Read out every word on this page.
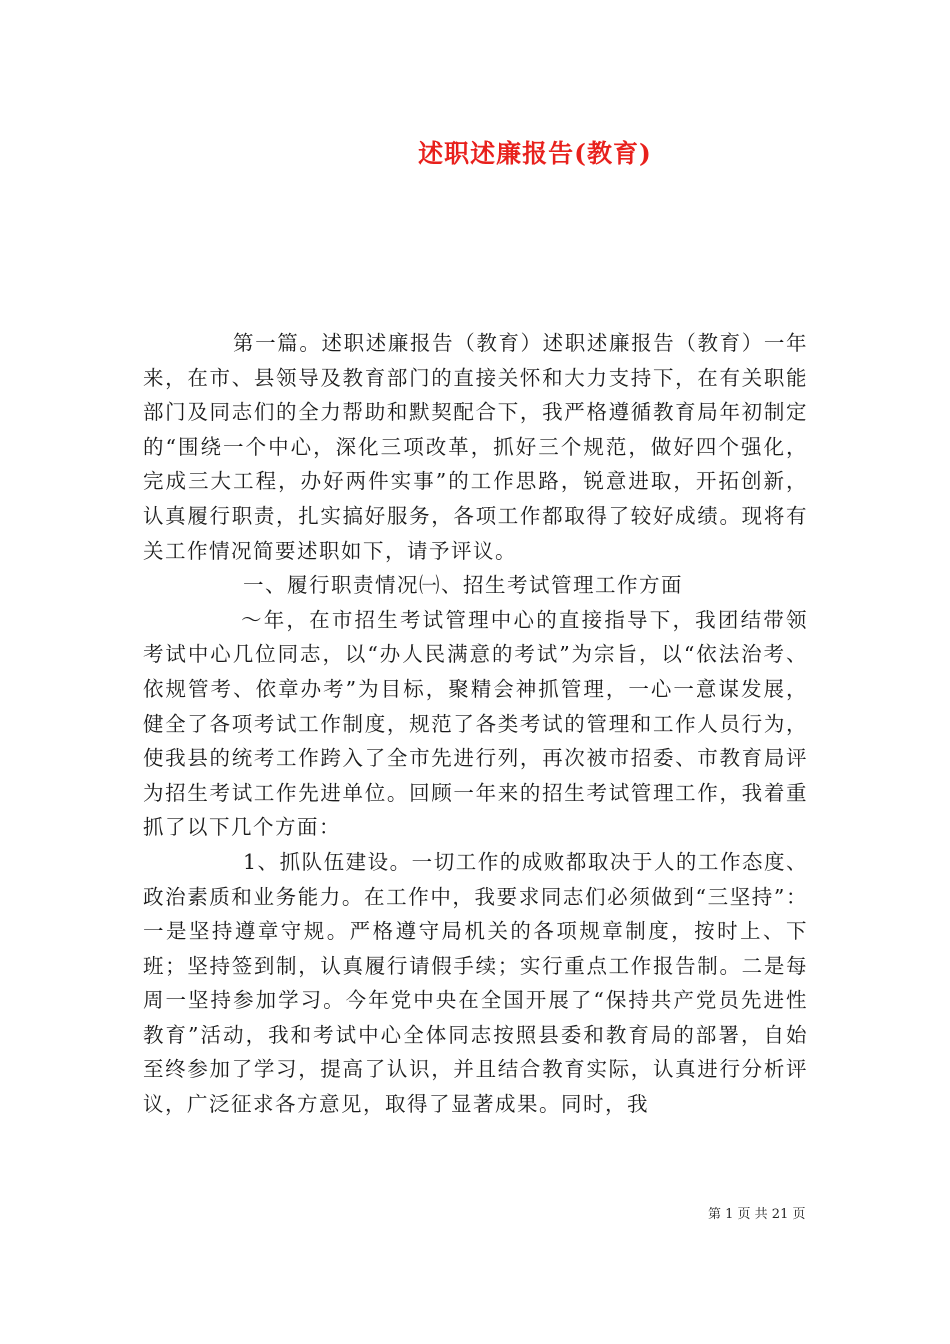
述职述廉报告(教育)

第一篇。述职述廉报告（教育）述职述廉报告（教育）一年来，在市、县领导及教育部门的直接关怀和大力支持下，在有关职能部门及同志们的全力帮助和默契配合下，我严格遵循教育局年初制定的“围绕一个中心，深化三项改革，抓好三个规范，做好四个强化，完成三大工程，办好两件实事”的工作思路，锐意进取，开拓创新，认真履行职责，扎实搞好服务，各项工作都取得了较好成绩。现将有关工作情况简要述职如下，请予评议。

一、履行职责情况㈠、招生考试管理工作方面

～年，在市招生考试管理中心的直接指导下，我团结带领考试中心几位同志，以“办人民满意的考试”为宗旨，以“依法治考、依规管考、依章办考”为目标，聚精会神抓管理，一心一意谋发展，健全了各项考试工作制度，规范了各类考试的管理和工作人员行为，使我县的统考工作跨入了全市先进行列，再次被市招委、市教育局评为招生考试工作先进单位。回顾一年来的招生考试管理工作，我着重抓了以下几个方面：

1、抓队伍建设。一切工作的成败都取决于人的工作态度、政治素质和业务能力。在工作中，我要求同志们必须做到“三坚持”：一是坚持遵章守规。严格遵守局机关的各项规章制度，按时上、下班；坚持签到制，认真履行请假手续；实行重点工作报告制。二是每周一坚持参加学习。今年党中央在全国开展了“保持共产党员先进性教育”活动，我和考试中心全体同志按照县委和教育局的部署，自始至终参加了学习，提高了认识，并且结合教育实际，认真进行分析评议，广泛征求各方意见，取得了显著成果。同时，我

第 1 页 共 21 页
